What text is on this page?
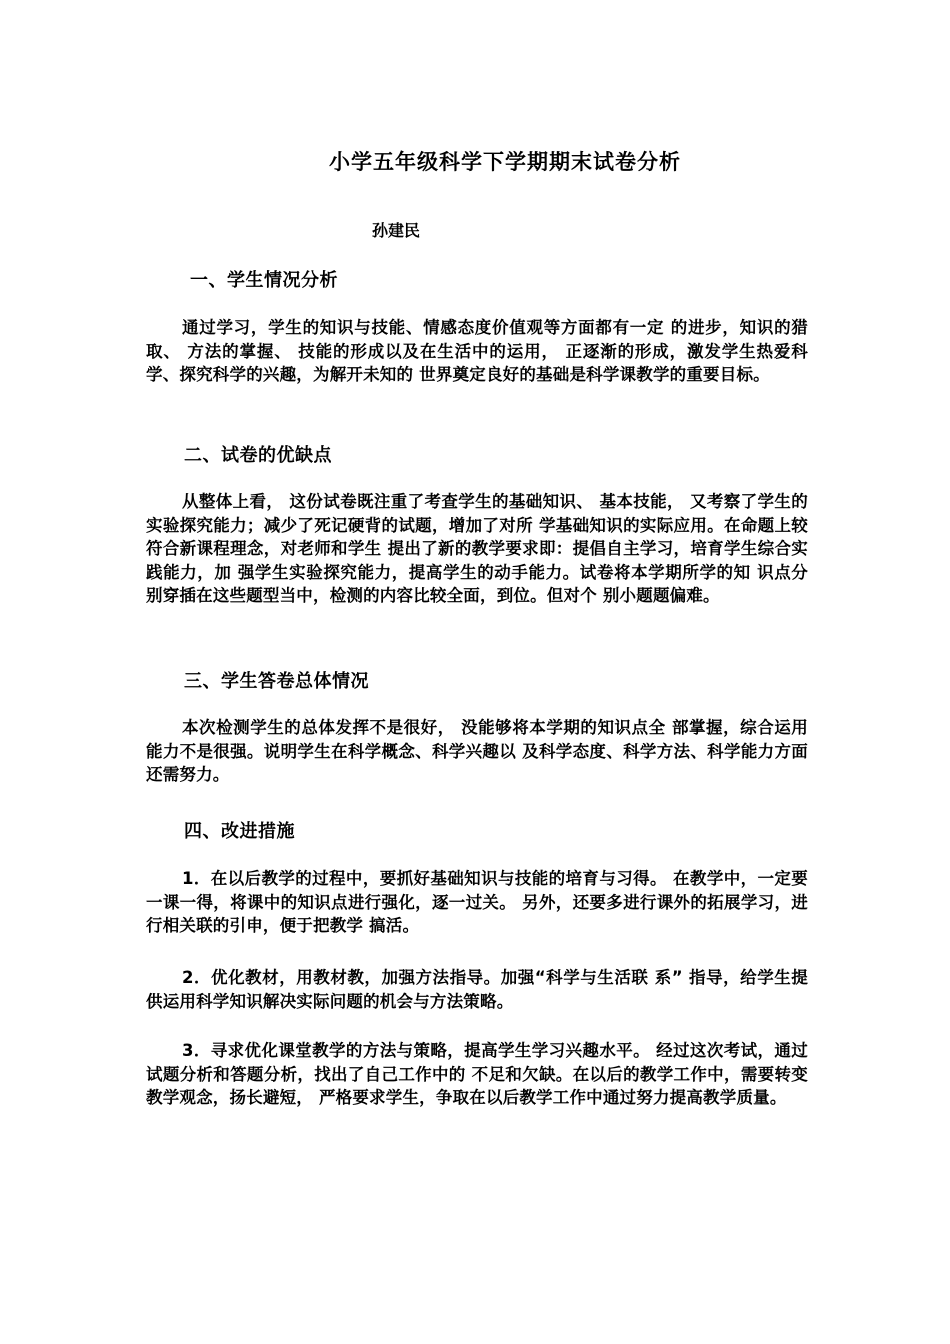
小学五年级科学下学期期末试卷分析
孙建民
一、学生情况分析
通过学习，学生的知识与技能、情感态度价值观等方面都有一定 的进步，知识的猎取、 方法的掌握、 技能的形成以及在生活中的运用， 正逐渐的形成，激发学生热爱科学、探究科学的兴趣，为解开未知的 世界奠定良好的基础是科学课教学的重要目标。
二、试卷的优缺点
从整体上看， 这份试卷既注重了考查学生的基础知识、 基本技能， 又考察了学生的实验探究能力；减少了死记硬背的试题，增加了对所 学基础知识的实际应用。在命题上较符合新课程理念，对老师和学生 提出了新的教学要求即：提倡自主学习，培育学生综合实践能力，加 强学生实验探究能力，提高学生的动手能力。试卷将本学期所学的知 识点分别穿插在这些题型当中，检测的内容比较全面，到位。但对个 别小题题偏难。
三、学生答卷总体情况
本次检测学生的总体发挥不是很好， 没能够将本学期的知识点全 部掌握，综合运用能力不是很强。说明学生在科学概念、科学兴趣以 及科学态度、科学方法、科学能力方面还需努力。
四、改进措施
1．在以后教学的过程中，要抓好基础知识与技能的培育与习得。 在教学中，一定要一课一得，将课中的知识点进行强化，逐一过关。 另外，还要多进行课外的拓展学习，进行相关联的引申，便于把教学 搞活。
2．优化教材，用教材教，加强方法指导。加强“科学与生活联 系” 指导，给学生提供运用科学知识解决实际问题的机会与方法策略。
3．寻求优化课堂教学的方法与策略，提高学生学习兴趣水平。 经过这次考试，通过试题分析和答题分析，找出了自己工作中的 不足和欠缺。在以后的教学工作中，需要转变教学观念，扬长避短， 严格要求学生，争取在以后教学工作中通过努力提高教学质量。
